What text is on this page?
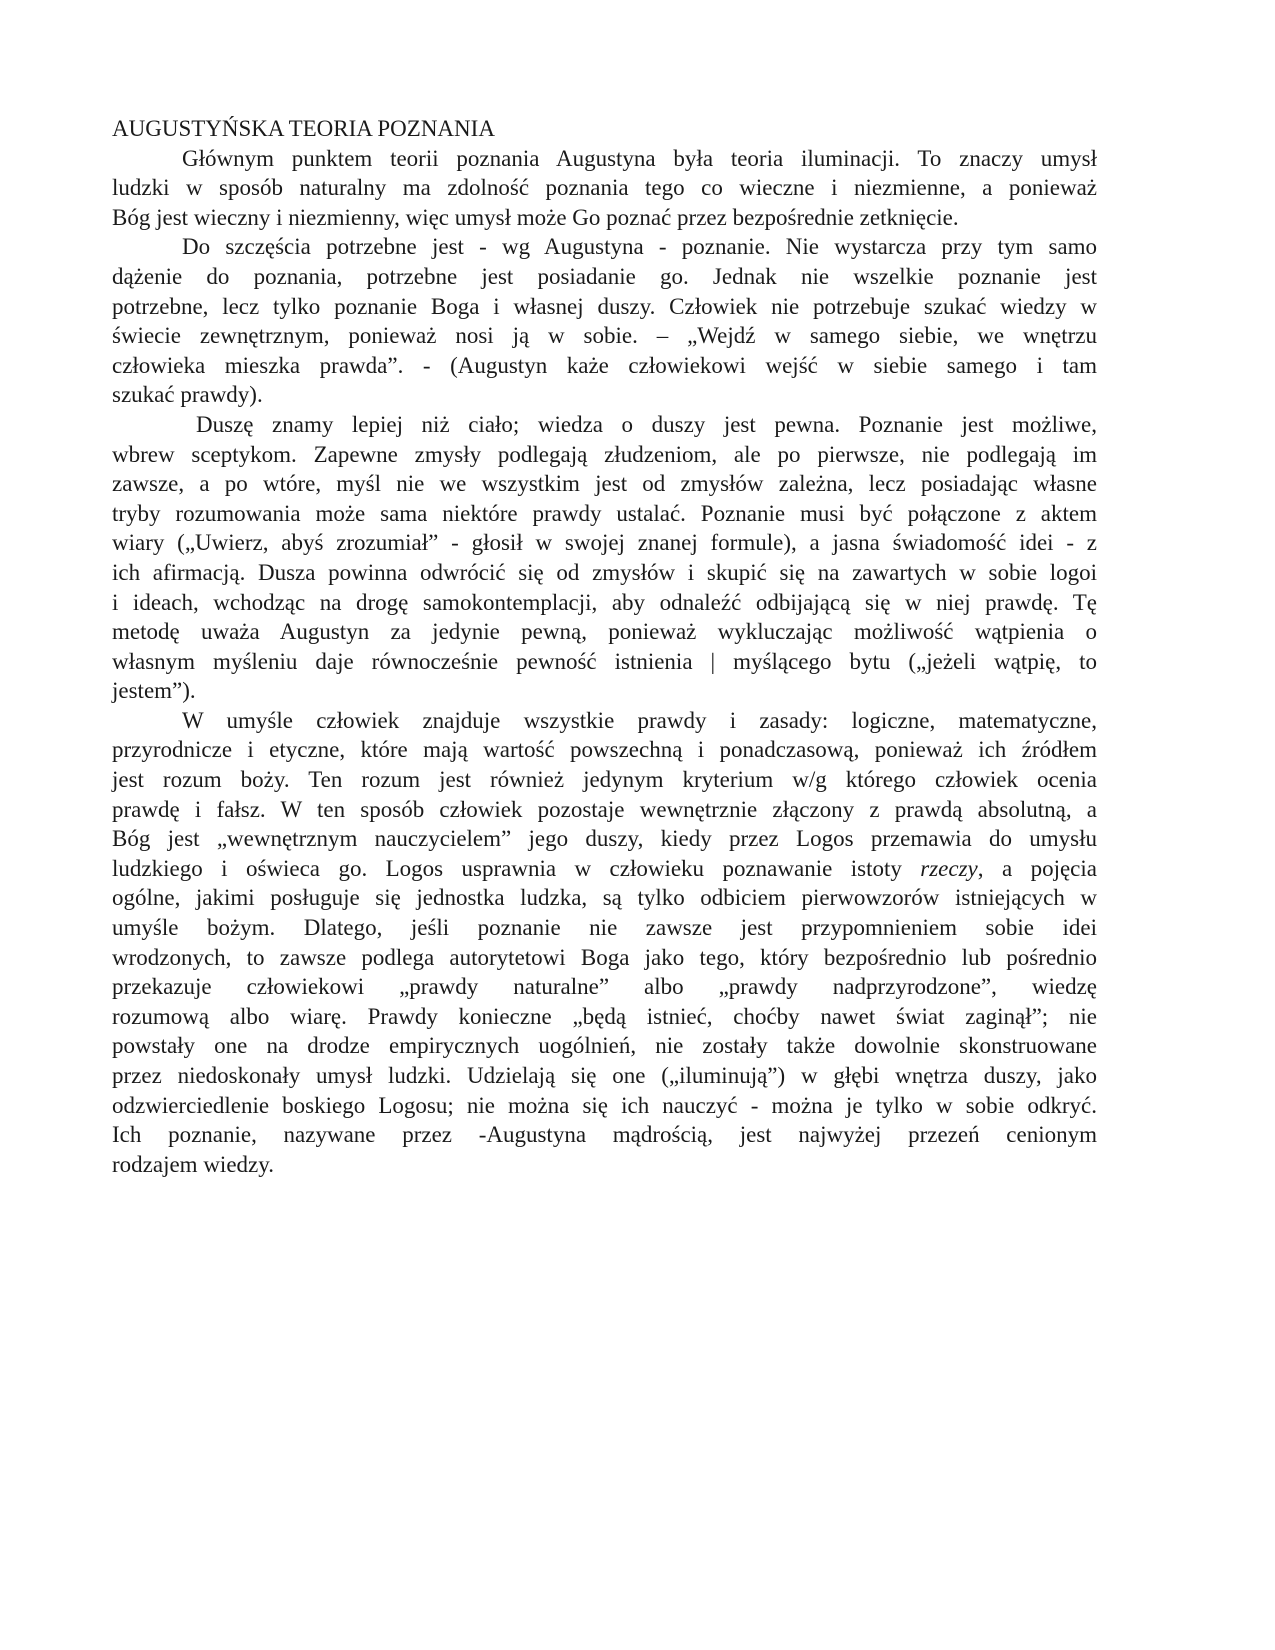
AUGUSTYŃSKA TEORIA POZNANIA
Głównym punktem teorii poznania Augustyna była teoria iluminacji. To znaczy umysł
ludzki w sposób naturalny ma zdolność poznania tego co wieczne i niezmienne, a ponieważ
Bóg jest wieczny i niezmienny, więc umysł może Go poznać przez bezpośrednie zetknięcie.
Do szczęścia potrzebne jest - wg Augustyna - poznanie. Nie wystarcza przy tym samo
dążenie do poznania, potrzebne jest posiadanie go. Jednak nie wszelkie poznanie jest
potrzebne, lecz tylko poznanie Boga i własnej duszy. Człowiek nie potrzebuje szukać wiedzy w
świecie zewnętrznym, ponieważ nosi ją w sobie. – „Wejdź w samego siebie, we wnętrzu
człowieka mieszka prawda”. - (Augustyn każe człowiekowi wejść w siebie samego i tam
szukać prawdy).
Duszę znamy lepiej niż ciało; wiedza o duszy jest pewna. Poznanie jest możliwe,
wbrew sceptykom. Zapewne zmysły podlegają złudzeniom, ale po pierwsze, nie podlegają im
zawsze, a po wtóre, myśl nie we wszystkim jest od zmysłów zależna, lecz posiadając własne
tryby rozumowania może sama niektóre prawdy ustalać. Poznanie musi być połączone z aktem
wiary („Uwierz, abyś zrozumiał” - głosił w swojej znanej formule), a jasna świadomość idei - z
ich afirmacją. Dusza powinna odwrócić się od zmysłów i skupić się na zawartych w sobie logoi
i ideach, wchodząc na drogę samokontemplacji, aby odnaleźć odbijającą się w niej prawdę. Tę
metodę uważa Augustyn za jedynie pewną, ponieważ wykluczając możliwość wątpienia o
własnym myśleniu daje równocześnie pewność istnienia | myślącego bytu („jeżeli wątpię, to
jestem”).
W umyśle człowiek znajduje wszystkie prawdy i zasady: logiczne, matematyczne,
przyrodnicze i etyczne, które mają wartość powszechną i ponadczasową, ponieważ ich źródłem
jest rozum boży. Ten rozum jest również jedynym kryterium w/g którego człowiek ocenia
prawdę i fałsz. W ten sposób człowiek pozostaje wewnętrznie złączony z prawdą absolutną, a
Bóg jest „wewnętrznym nauczycielem” jego duszy, kiedy przez Logos przemawia do umysłu
ludzkiego i oświeca go. Logos usprawnia w człowieku poznawanie istoty rzeczy, a pojęcia
ogólne, jakimi posługuje się jednostka ludzka, są tylko odbiciem pierwowzorów istniejących w
umyśle bożym. Dlatego, jeśli poznanie nie zawsze jest przypomnieniem sobie idei
wrodzonych, to zawsze podlega autorytetowi Boga jako tego, który bezpośrednio lub pośrednio
przekazuje człowiekowi „prawdy naturalne” albo „prawdy nadprzyrodzone”, wiedzę
rozumową albo wiarę. Prawdy konieczne „będą istnieć, choćby nawet świat zaginął”; nie
powstały one na drodze empirycznych uogólnień, nie zostały także dowolnie skonstruowane
przez niedoskonały umysł ludzki. Udzielają się one („iluminują”) w głębi wnętrza duszy, jako
odzwierciedlenie boskiego Logosu; nie można się ich nauczyć - można je tylko w sobie odkryć.
Ich poznanie, nazywane przez -Augustyna mądrością, jest najwyżej przezeń cenionym
rodzajem wiedzy.
